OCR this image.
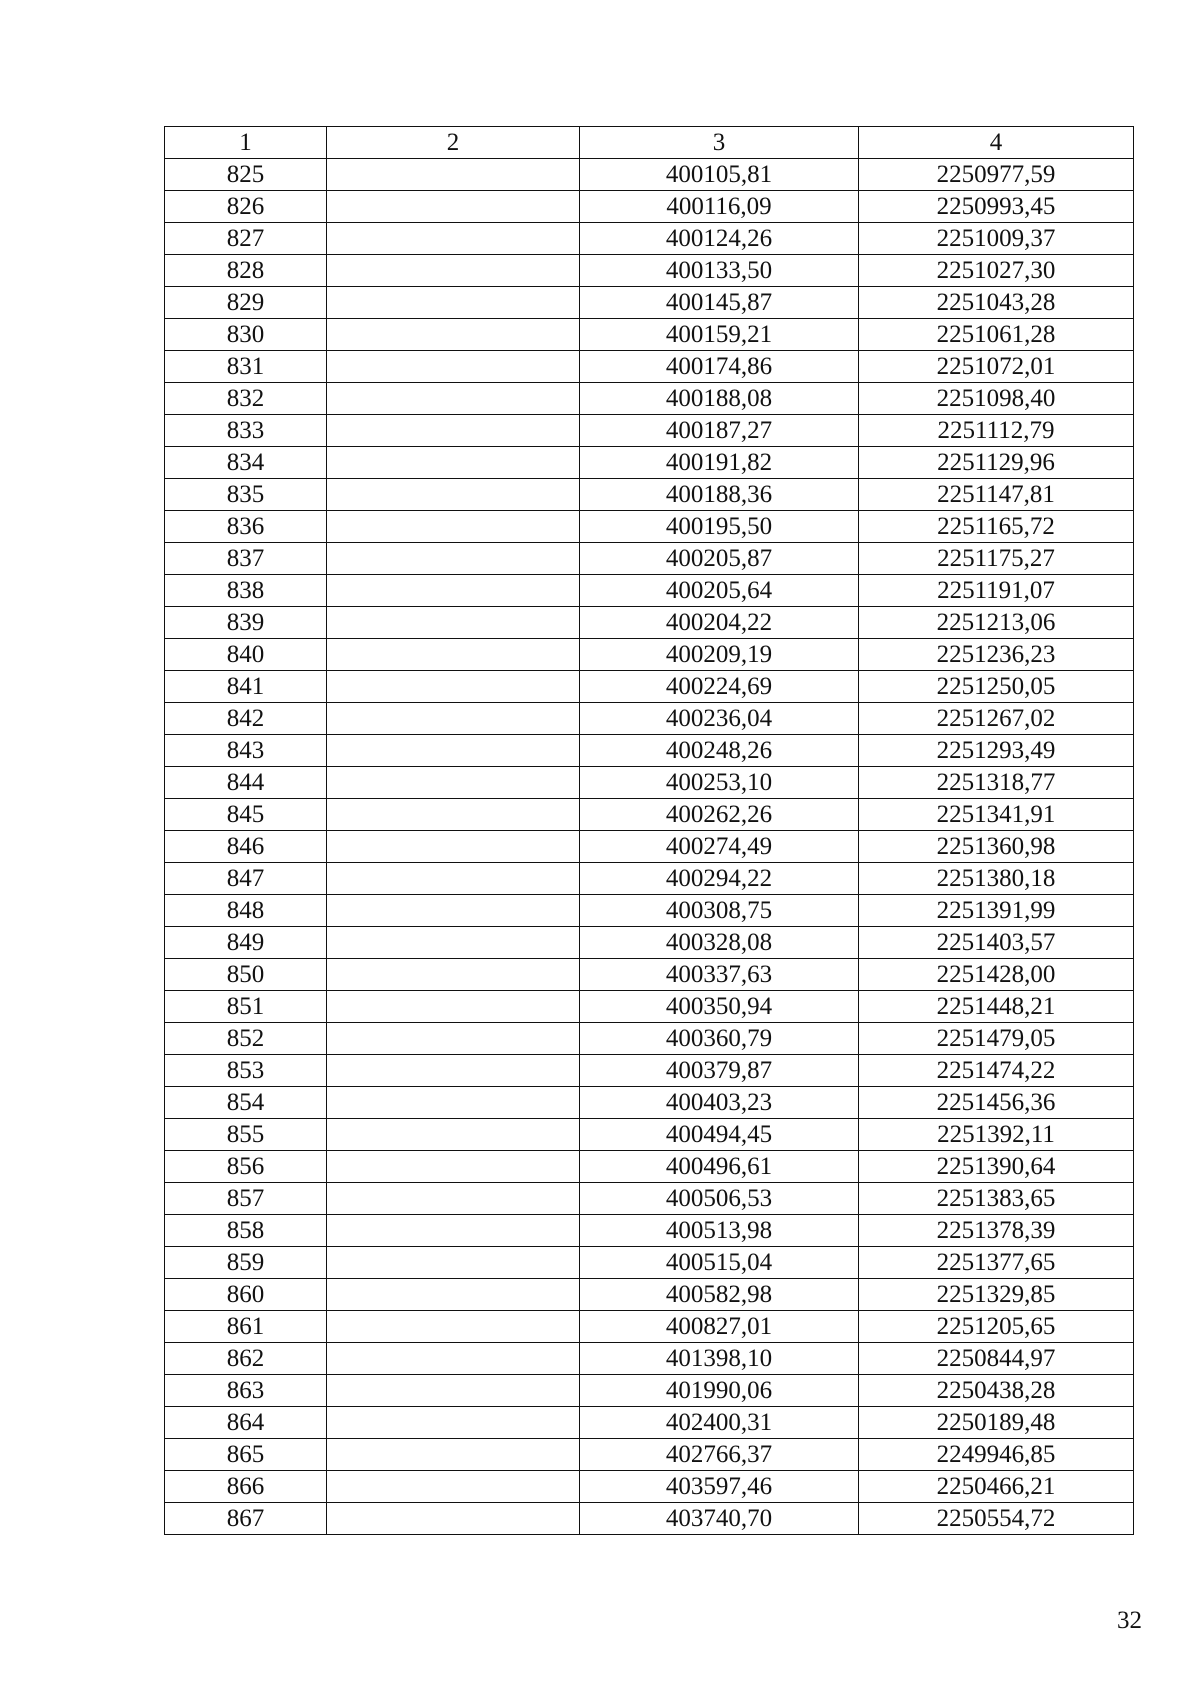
1	2	3	4
825		400105,81	2250977,59
826		400116,09	2250993,45
827		400124,26	2251009,37
828		400133,50	2251027,30
829		400145,87	2251043,28
830		400159,21	2251061,28
831		400174,86	2251072,01
832		400188,08	2251098,40
833		400187,27	2251112,79
834		400191,82	2251129,96
835		400188,36	2251147,81
836		400195,50	2251165,72
837		400205,87	2251175,27
838		400205,64	2251191,07
839		400204,22	2251213,06
840		400209,19	2251236,23
841		400224,69	2251250,05
842		400236,04	2251267,02
843		400248,26	2251293,49
844		400253,10	2251318,77
845		400262,26	2251341,91
846		400274,49	2251360,98
847		400294,22	2251380,18
848		400308,75	2251391,99
849		400328,08	2251403,57
850		400337,63	2251428,00
851		400350,94	2251448,21
852		400360,79	2251479,05
853		400379,87	2251474,22
854		400403,23	2251456,36
855		400494,45	2251392,11
856		400496,61	2251390,64
857		400506,53	2251383,65
858		400513,98	2251378,39
859		400515,04	2251377,65
860		400582,98	2251329,85
861		400827,01	2251205,65
862		401398,10	2250844,97
863		401990,06	2250438,28
864		402400,31	2250189,48
865		402766,37	2249946,85
866		403597,46	2250466,21
867		403740,70	2250554,72
32
